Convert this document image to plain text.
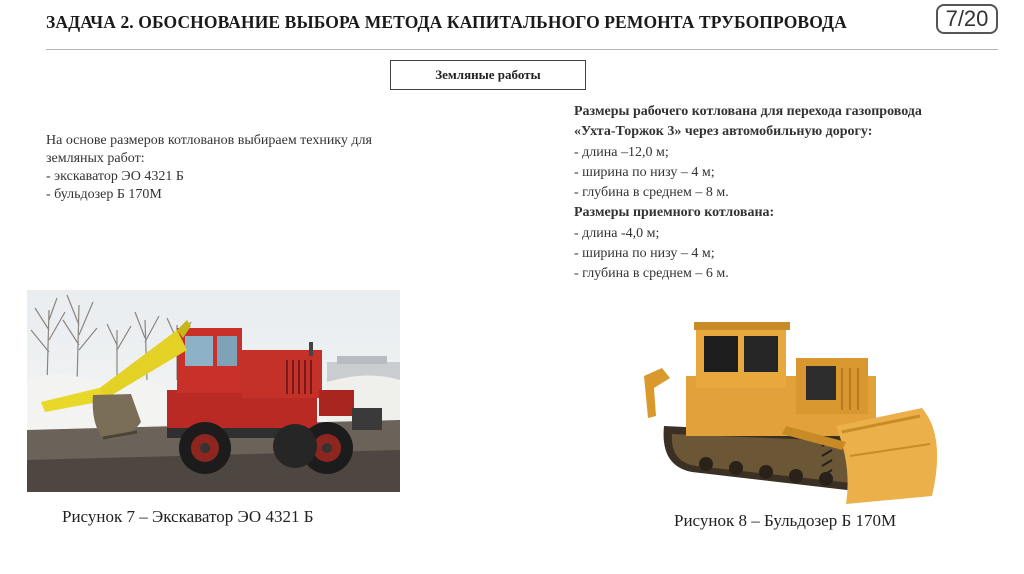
ЗАДАЧА 2. ОБОСНОВАНИЕ ВЫБОРА МЕТОДА КАПИТАЛЬНОГО РЕМОНТА ТРУБОПРОВОДА	7/20
Земляные работы
На основе размеров котлованов выбираем технику для
земляных работ:
- экскаватор ЭО 4321 Б
- бульдозер Б 170М
Размеры рабочего котлована для перехода газопровода
«Ухта-Торжок 3» через автомобильную дорогу:
- длина –12,0 м;
- ширина по низу – 4 м;
- глубина в среднем – 8 м.
Размеры приемного котлована:
- длина -4,0 м;
- ширина по низу – 4 м;
- глубина в среднем – 6 м.
Рисунок 7 – Экскаватор ЭО 4321 Б	Рисунок 8 – Бульдозер Б 170М
